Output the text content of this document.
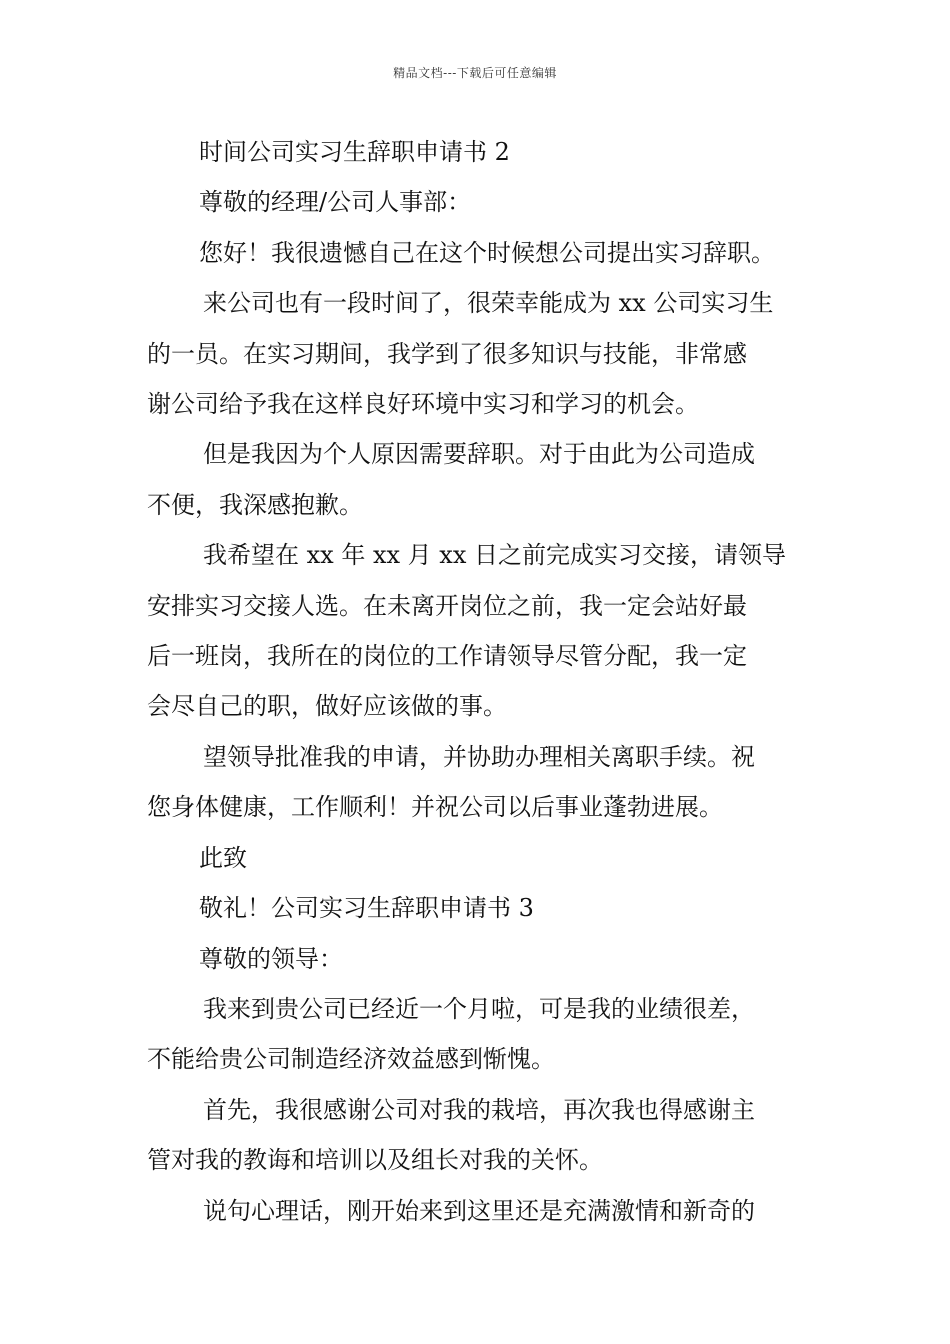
精品文档---下载后可任意编辑
时间公司实习生辞职申请书 2
尊敬的经理/公司人事部：
您好！我很遗憾自己在这个时候想公司提出实习辞职。
来公司也有一段时间了，很荣幸能成为 xx 公司实习生
的一员。在实习期间，我学到了很多知识与技能，非常感
谢公司给予我在这样良好环境中实习和学习的机会。
但是我因为个人原因需要辞职。对于由此为公司造成
不便，我深感抱歉。
我希望在 xx 年 xx 月 xx 日之前完成实习交接，请领导
安排实习交接人选。在未离开岗位之前，我一定会站好最
后一班岗，我所在的岗位的工作请领导尽管分配，我一定
会尽自己的职，做好应该做的事。
望领导批准我的申请，并协助办理相关离职手续。祝
您身体健康，工作顺利！并祝公司以后事业蓬勃进展。
此致
敬礼！公司实习生辞职申请书 3
尊敬的领导：
我来到贵公司已经近一个月啦，可是我的业绩很差，
不能给贵公司制造经济效益感到惭愧。
首先，我很感谢公司对我的栽培，再次我也得感谢主
管对我的教诲和培训以及组长对我的关怀。
说句心理话，刚开始来到这里还是充满激情和新奇的
